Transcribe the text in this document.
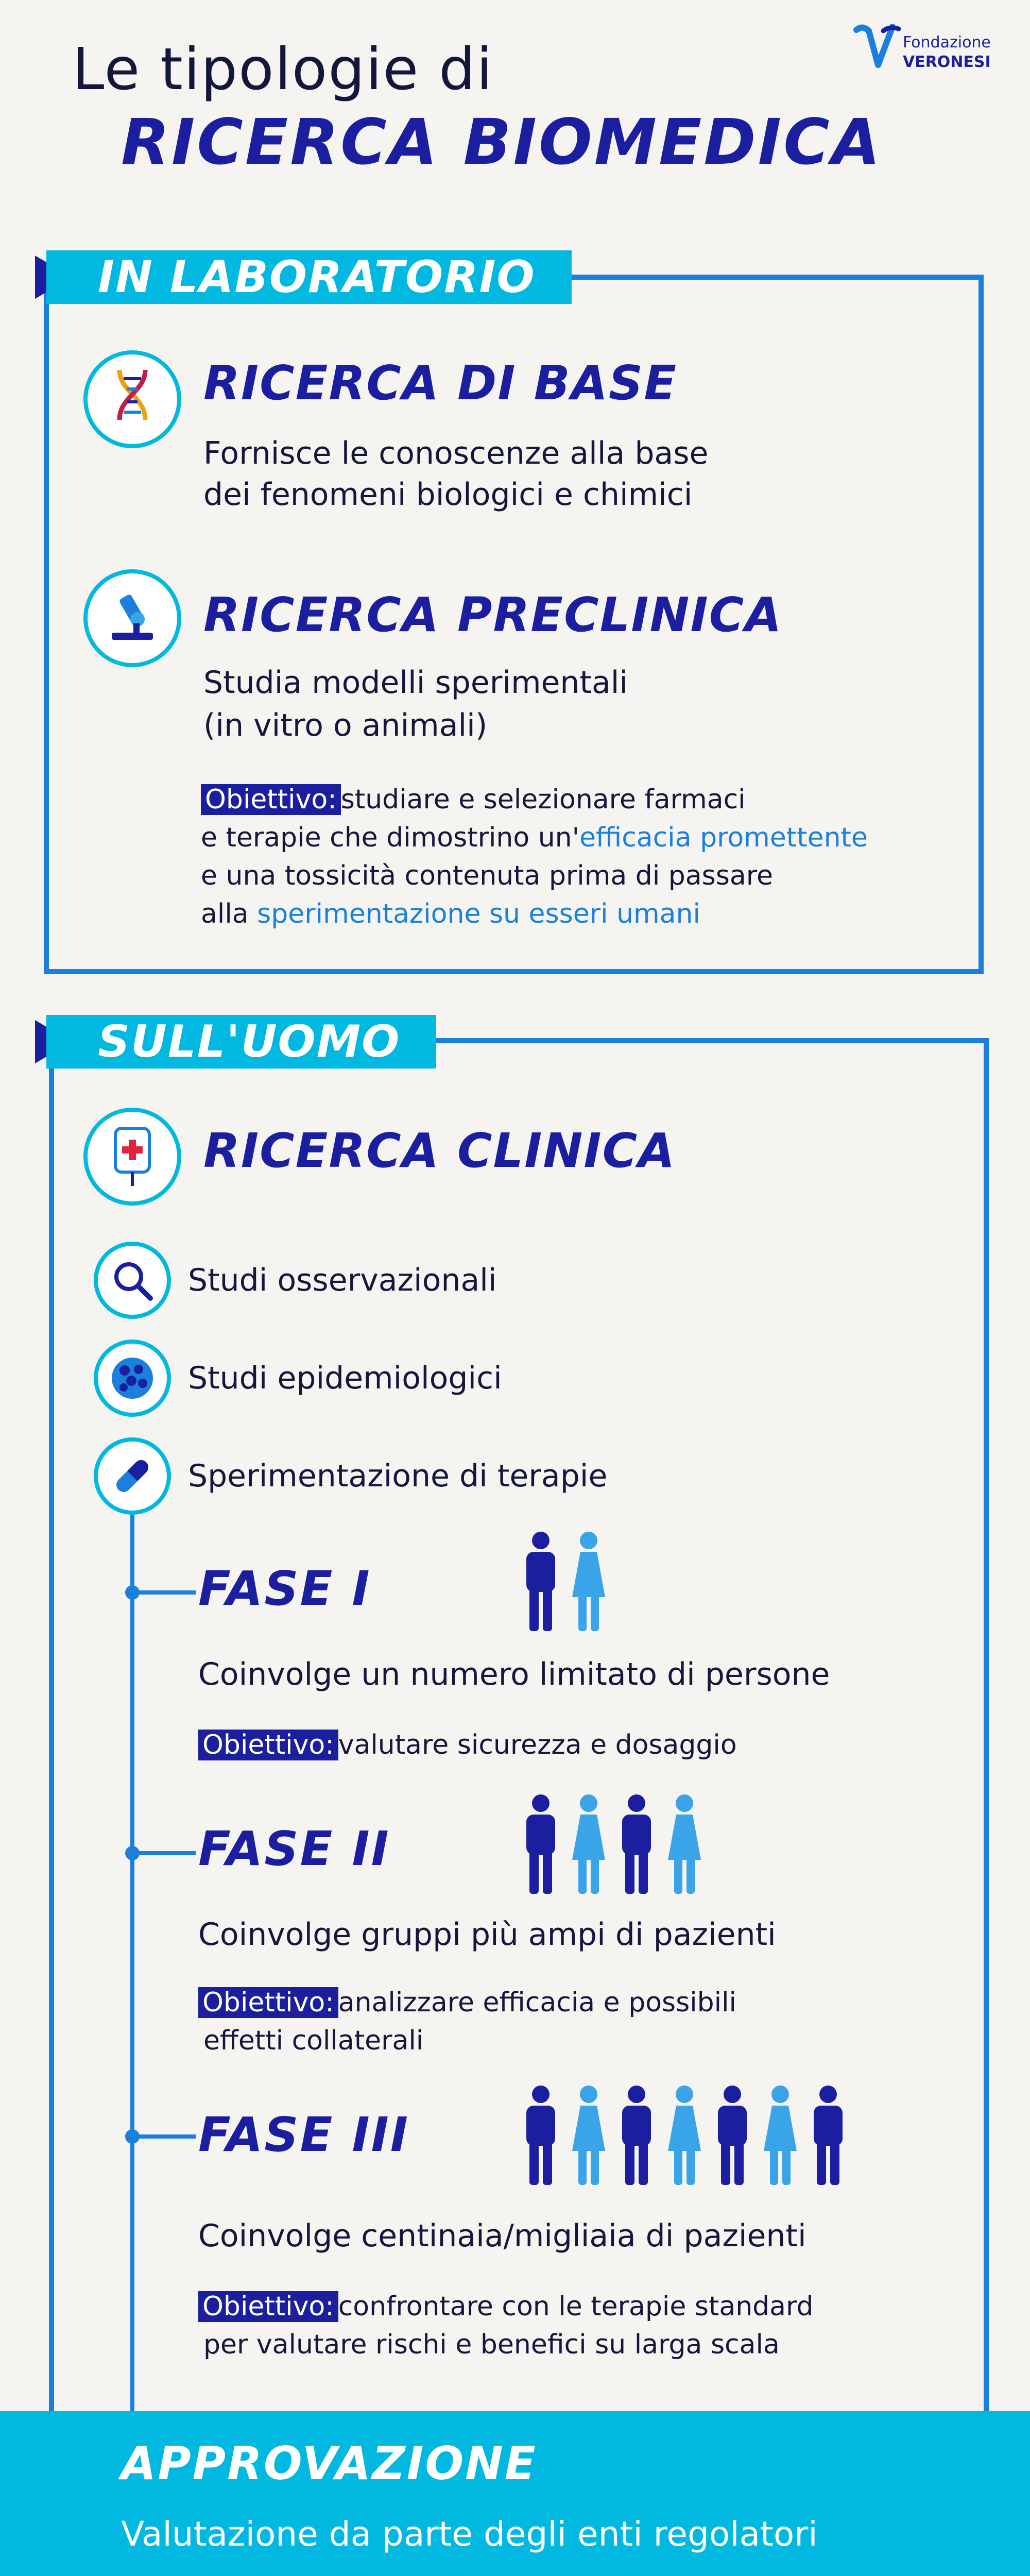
Le tipologie di
RICERCA BIOMEDICA
Fondazione
VERONESI
IN LABORATORIO
RICERCA DI BASE
Fornisce le conoscenze alla base
dei fenomeni biologici e chimici
RICERCA PRECLINICA
Studia modelli sperimentali
(in vitro o animali)
Obiettivo: studiare e selezionare farmaci
e terapie che dimostrino un'efficacia promettente
e una tossicità contenuta prima di passare
alla sperimentazione su esseri umani
SULL'UOMO
RICERCA CLINICA
Studi osservazionali
Studi epidemiologici
Sperimentazione di terapie
FASE I
Coinvolge un numero limitato di persone
Obiettivo: valutare sicurezza e dosaggio
FASE II
Coinvolge gruppi più ampi di pazienti
Obiettivo: analizzare efficacia e possibili
effetti collaterali
FASE III
Coinvolge centinaia/migliaia di pazienti
Obiettivo: confrontare con le terapie standard
per valutare rischi e benefici su larga scala
APPROVAZIONE
Valutazione da parte degli enti regolatori
